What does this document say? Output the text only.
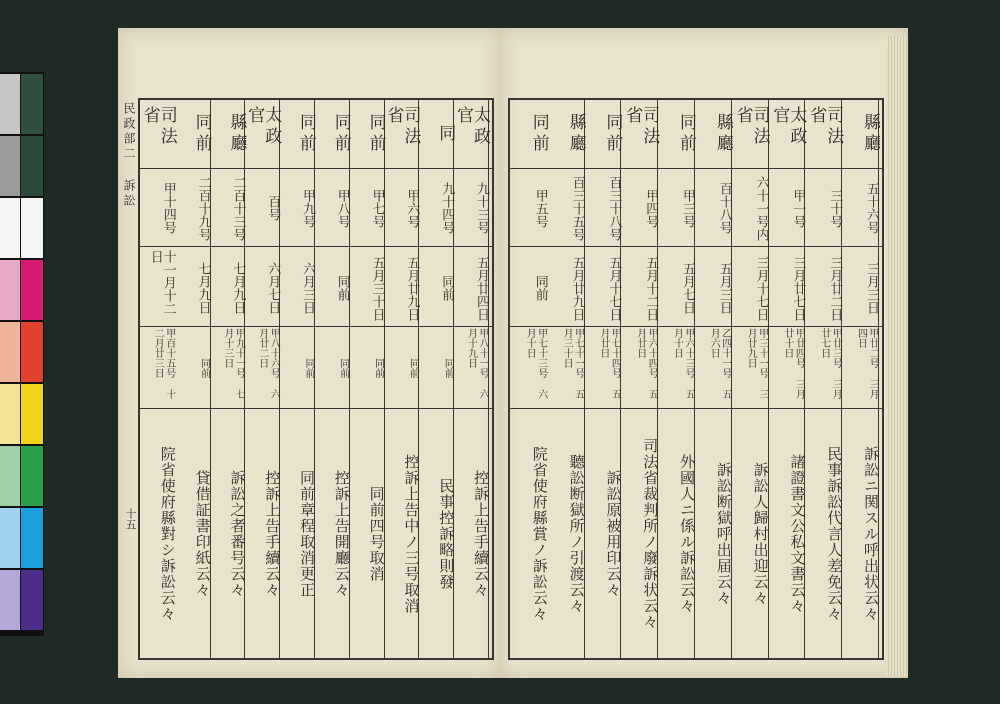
民政部二 訴訟
十五
太政官
九十三号
五月廿四日
甲八十一号 六月十九日
控訴上告手續云々
同
九十四号
同前
同前
民事控訴略則發
司法省
甲六号
五月廿九日
同前
控訴上告中ノ三号取消
同前
甲七号
五月三十日
同前
同前四号取消
同前
甲八号
同前
同前
控訴上告開廳云々
同前
甲九号
六月三日
同前
同前章程取消更正
太政官
百号
六月七日
甲八十六号 六月廿二日
控訴上告手續云々
縣廳
二百十三号
七月九日
甲九十一号 七月十三日
訴訟之者番号云々
同前
二百十九号
七月九日
同前
貸借証書印紙云々
司法省
甲十四号
十一月十二日
甲百十五号 十二月廿三日
院省使府縣對シ訴訟云々
縣廳
五十六号
三月三日
甲廿二号 三月四日
訴訟ニ関スル呼出状云々
司法省
三十号
三月廿二日
甲廿三号 三月廿七日
民事訴訟代言人差免云々
太政官
甲一号
三月廿七日
甲廿四号 三月廿十日
諸證書文公私文書云々
司法省
六十一号内
三月十七日
甲三十一号 三月廿九日
訴訟人歸村出迎云々
縣廳
百十八号
五月三日
乙四十一号 五月六日
訴訟断獄呼出届云々
同前
甲三号
五月七日
甲六十三号 五月十日
外國人ニ係ル訴訟云々
司法省
甲四号
五月十二日
甲六十四号 五月廿日
司法省裁判所ノ廢訴状云々
同前
百三十八号
五月十七日
甲七十四号 五月廿日
訴訟原被用印云々
縣廳
百三十五号
五月廿九日
甲七十一号 五月三十日
聽訟断獄所ノ引渡云々
同前
甲五号
同前
甲七十三号 六月十日
院省使府縣賞ノ訴訟云々
